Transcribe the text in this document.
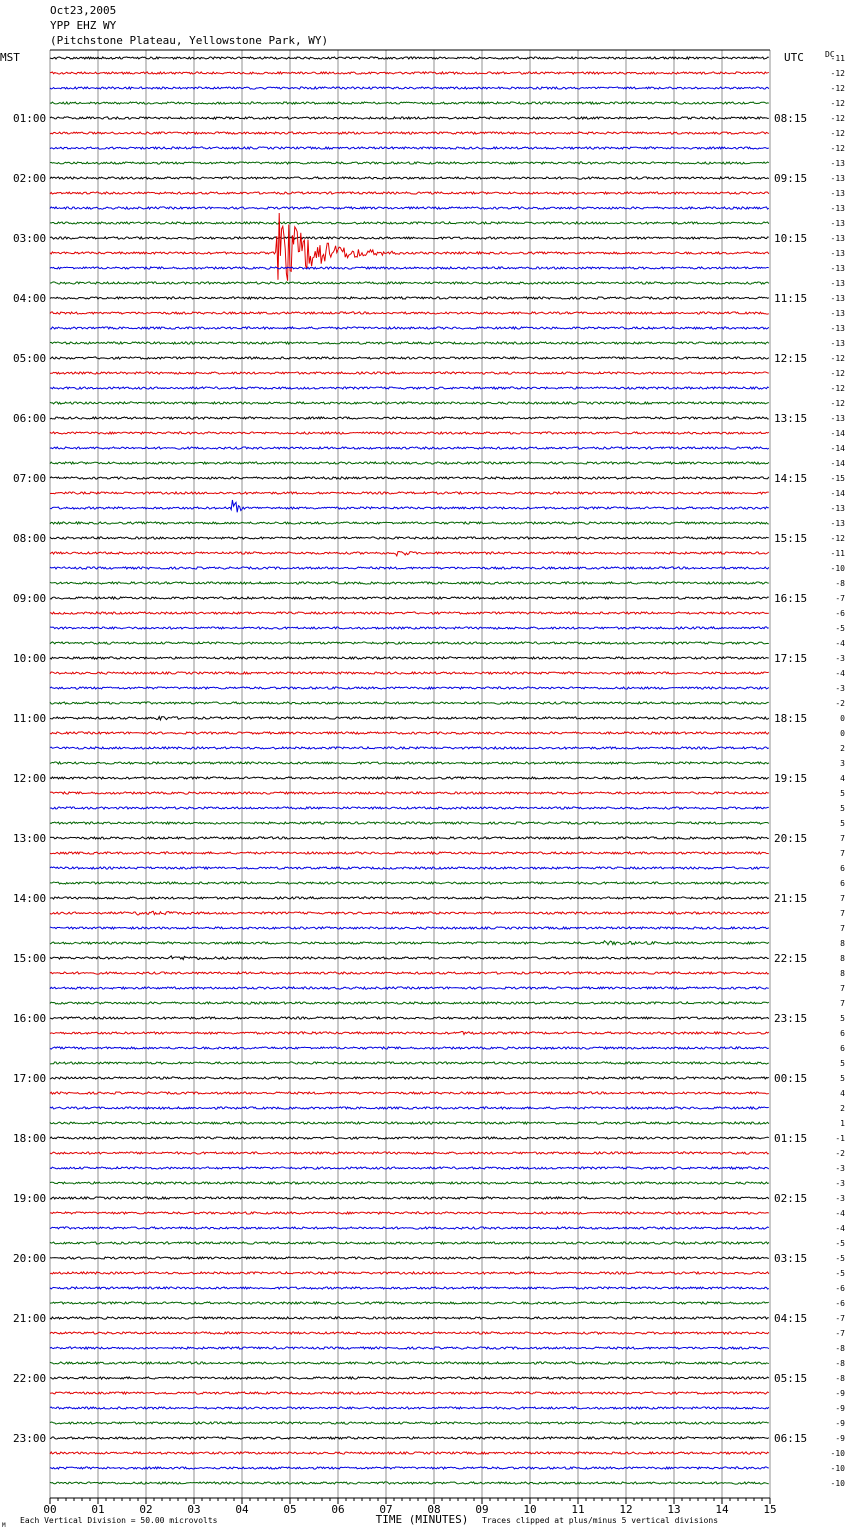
Oct23,2005
YPP EHZ WY
(Pitchstone Plateau, Yellowstone Park, WY)
MST	UTC	DC
01:00
02:00
03:00
04:00
05:00
06:00
07:00
08:00
09:00
10:00
11:00
12:00
13:00
14:00
15:00
16:00
17:00
18:00
19:00
20:00
21:00
22:00
23:00
08:15
09:15
10:15
11:15
12:15
13:15
14:15
15:15
16:15
17:15
18:15
19:15
20:15
21:15
22:15
23:15
00:15
01:15
02:15
03:15
04:15
05:15
06:15
-11
-12
-12
-12
-12
-12
-12
-13
-13
-13
-13
-13
-13
-13
-13
-13
-13
-13
-13
-13
-12
-12
-12
-12
-13
-14
-14
-14
-15
-14
-13
-13
-12
-11
-10
-8
-7
-6
-5
-4
-3
-4
-3
-2
0
0
2
3
4
5
5
5
7
7
6
6
7
7
7
8
8
8
7
7
5
6
6
5
5
4
2
1
-1
-2
-3
-3
-3
-4
-4
-5
-5
-5
-6
-6
-7
-7
-8
-8
-8
-9
-9
-9
-9
-10
-10
-10
00	01	02	03	04	05	06	07	08	09	10	11	12	13	14	15
TIME (MINUTES)
Each Vertical Division = 50.00 microvolts	Traces clipped at plus/minus 5 vertical divisions
M
